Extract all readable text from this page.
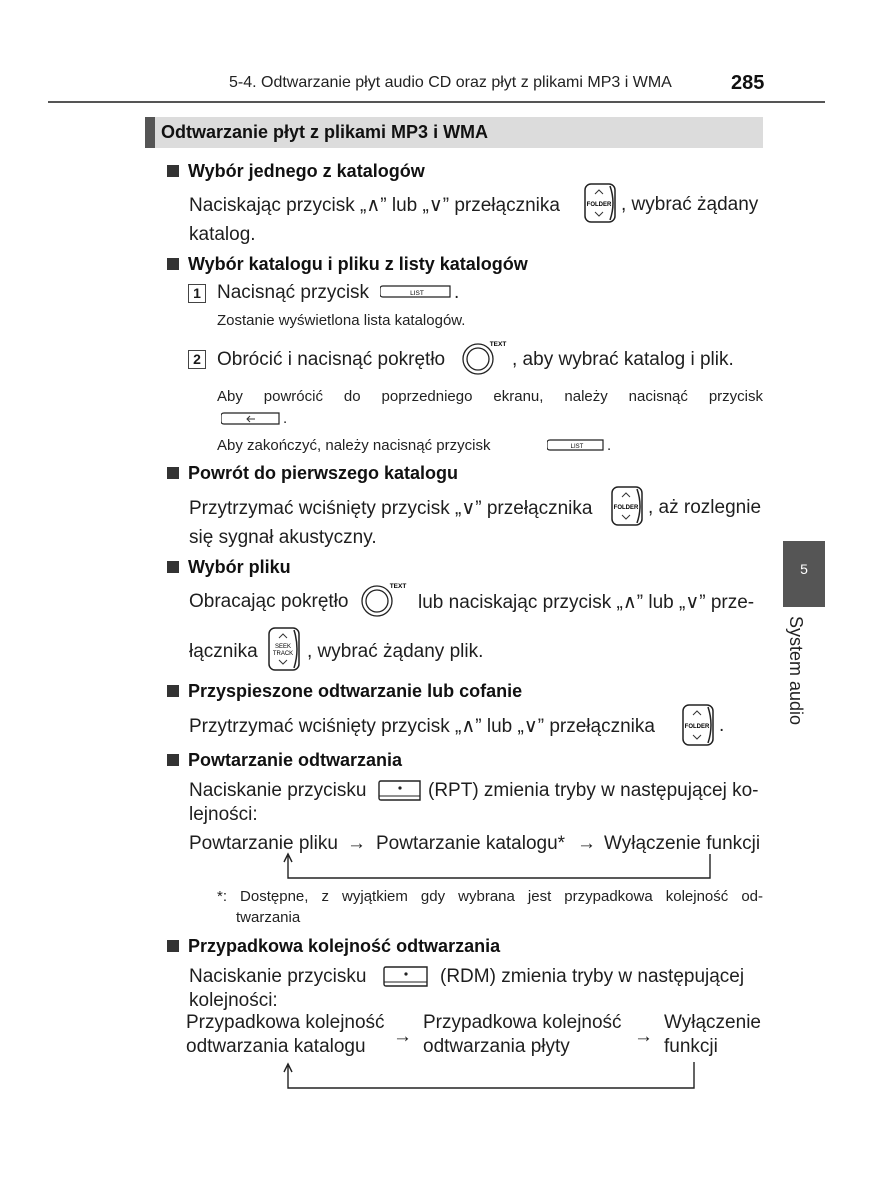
5-4. Odtwarzanie płyt audio CD oraz płyt z plikami MP3 i WMA	285
Odtwarzanie płyt z plikami MP3 i WMA
5
System audio
Wybór jednego z katalogów
Naciskając przycisk „∧” lub „∨” przełącznika	FOLDER , wybrać żądany
katalog.
Wybór katalogu i pliku z listy katalogów
1 Nacisnąć przycisk	LIST .
Zostanie wyświetlona lista katalogów.
2 Obrócić i nacisnąć pokrętło
TEXT
, aby wybrać katalog i plik.
Aby powrócić do poprzedniego ekranu, należy nacisnąć przycisk
.
Aby zakończyć, należy nacisnąć przycisk	LIST .
Powrót do pierwszego katalogu
Przytrzymać wciśnięty przycisk „∨” przełącznika	FOLDER , aż rozlegnie
się sygnał akustyczny.
Wybór pliku
Obracając pokrętło
TEXT
lub naciskając przycisk „∧” lub „∨” prze-
łącznika	SEEK
TRACK , wybrać żądany plik.
Przyspieszone odtwarzanie lub cofanie
Przytrzymać wciśnięty przycisk „∧” lub „∨” przełącznika	FOLDER .
Powtarzanie odtwarzania
Naciskanie przycisku	(RPT) zmienia tryby w następującej ko-
lejności:
Powtarzanie pliku → Powtarzanie katalogu* → Wyłączenie funkcji
*: Dostępne, z wyjątkiem gdy wybrana jest przypadkowa kolejność od-
twarzania
Przypadkowa kolejność odtwarzania
Naciskanie przycisku	(RDM) zmienia tryby w następującej
kolejności:
Przypadkowa kolejność
odtwarzania katalogu →
Przypadkowa kolejność
odtwarzania płyty	→
Wyłączenie
funkcji
